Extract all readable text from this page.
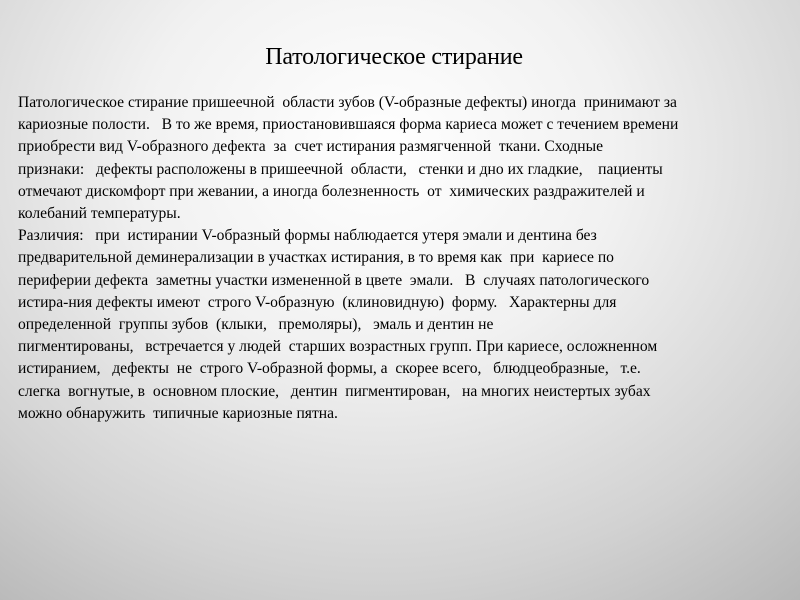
Патологическое стирание
Патологическое стирание пришеечной  области зубов (V-образные дефекты) иногда  принимают за
кариозные полости.   В то же время, приостановившаяся форма кариеса может с течением времени
приобрести вид V-образного дефекта  за  счет истирания размягченной  ткани. Сходные
признаки:   дефекты расположены в пришеечной  области,   стенки и дно их гладкие,    пациенты
отмечают дискомфорт при жевании, а иногда болезненность  от  химических раздражителей и
колебаний температуры.
Различия:   при  истирании V-образный формы наблюдается утеря эмали и дентина без
предварительной деминерализации в участках истирания, в то время как  при  кариесе по
периферии дефекта  заметны участки измененной в цвете  эмали.   В  случаях патологического
истира-ния дефекты имеют  строго V-образную  (клиновидную)  форму.   Характерны для
определенной  группы зубов  (клыки,   премоляры),   эмаль и дентин не
пигментированы,   встречается у людей  старших возрастных групп. При кариесе, осложненном
истиранием,   дефекты  не  строго V-образной формы, а  скорее всего,   блюдцеобразные,   т.е.
слегка  вогнутые, в  основном плоские,   дентин  пигментирован,   на многих неистертых зубах
можно обнаружить  типичные кариозные пятна.
